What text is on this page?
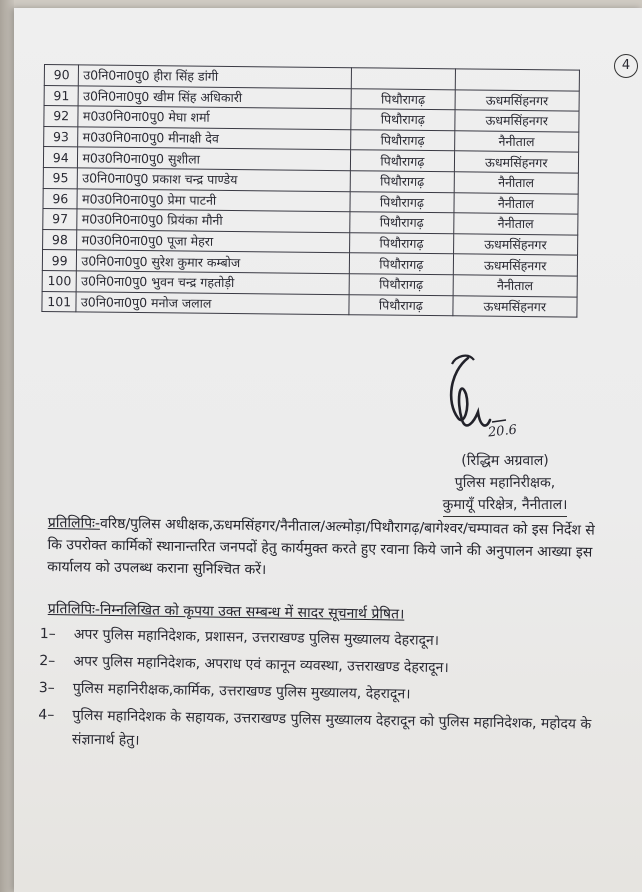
4
90	उ0नि0ना0पु0 हीरा सिंह डांगी		
91	उ0नि0ना0पु0 खीम सिंह अधिकारी	पिथौरागढ़	ऊधमसिंहनगर
92	म0उ0नि0ना0पु0 मेघा शर्मा	पिथौरागढ़	ऊधमसिंहनगर
93	म0उ0नि0ना0पु0 मीनाक्षी देव	पिथौरागढ़	नैनीताल
94	म0उ0नि0ना0पु0 सुशीला	पिथौरागढ़	ऊधमसिंहनगर
95	उ0नि0ना0पु0 प्रकाश चन्द्र पाण्डेय	पिथौरागढ़	नैनीताल
96	म0उ0नि0ना0पु0 प्रेमा पाटनी	पिथौरागढ़	नैनीताल
97	म0उ0नि0ना0पु0 प्रियंका मौनी	पिथौरागढ़	नैनीताल
98	म0उ0नि0ना0पु0 पूजा मेहरा	पिथौरागढ़	ऊधमसिंहनगर
99	उ0नि0ना0पु0 सुरेश कुमार कम्बोज	पिथौरागढ़	ऊधमसिंहनगर
100	उ0नि0ना0पु0 भुवन चन्द्र गहतोड़ी	पिथौरागढ़	नैनीताल
101	उ0नि0ना0पु0 मनोज जलाल	पिथौरागढ़	ऊधमसिंहनगर
20.6
(रिद्धिम अग्रवाल)
पुलिस महानिरीक्षक,
कुमायूँ परिक्षेत्र, नैनीताल।
प्रतिलिपिः-वरिष्ठ/पुलिस अधीक्षक,ऊधमसिंहगर/नैनीताल/अल्मोड़ा/पिथौरागढ़/बागेश्वर/चम्पावत को इस निर्देश से कि उपरोक्त कार्मिकों स्थानान्तरित जनपदों हेतु कार्यमुक्त करते हुए रवाना किये जाने की अनुपालन आख्या इस कार्यालय को उपलब्ध कराना सुनिश्चित करें।
प्रतिलिपिः-निम्नलिखित को कृपया उक्त सम्बन्ध में सादर सूचनार्थ प्रेषित।
1–	अपर पुलिस महानिदेशक, प्रशासन, उत्तराखण्ड पुलिस मुख्यालय देहरादून।
2–	अपर पुलिस महानिदेशक, अपराध एवं कानून व्यवस्था, उत्तराखण्ड देहरादून।
3–	पुलिस महानिरीक्षक,कार्मिक, उत्तराखण्ड पुलिस मुख्यालय, देहरादून।
4–	पुलिस महानिदेशक के सहायक, उत्तराखण्ड पुलिस मुख्यालय देहरादून को पुलिस महानिदेशक, महोदय के संज्ञानार्थ हेतु।
